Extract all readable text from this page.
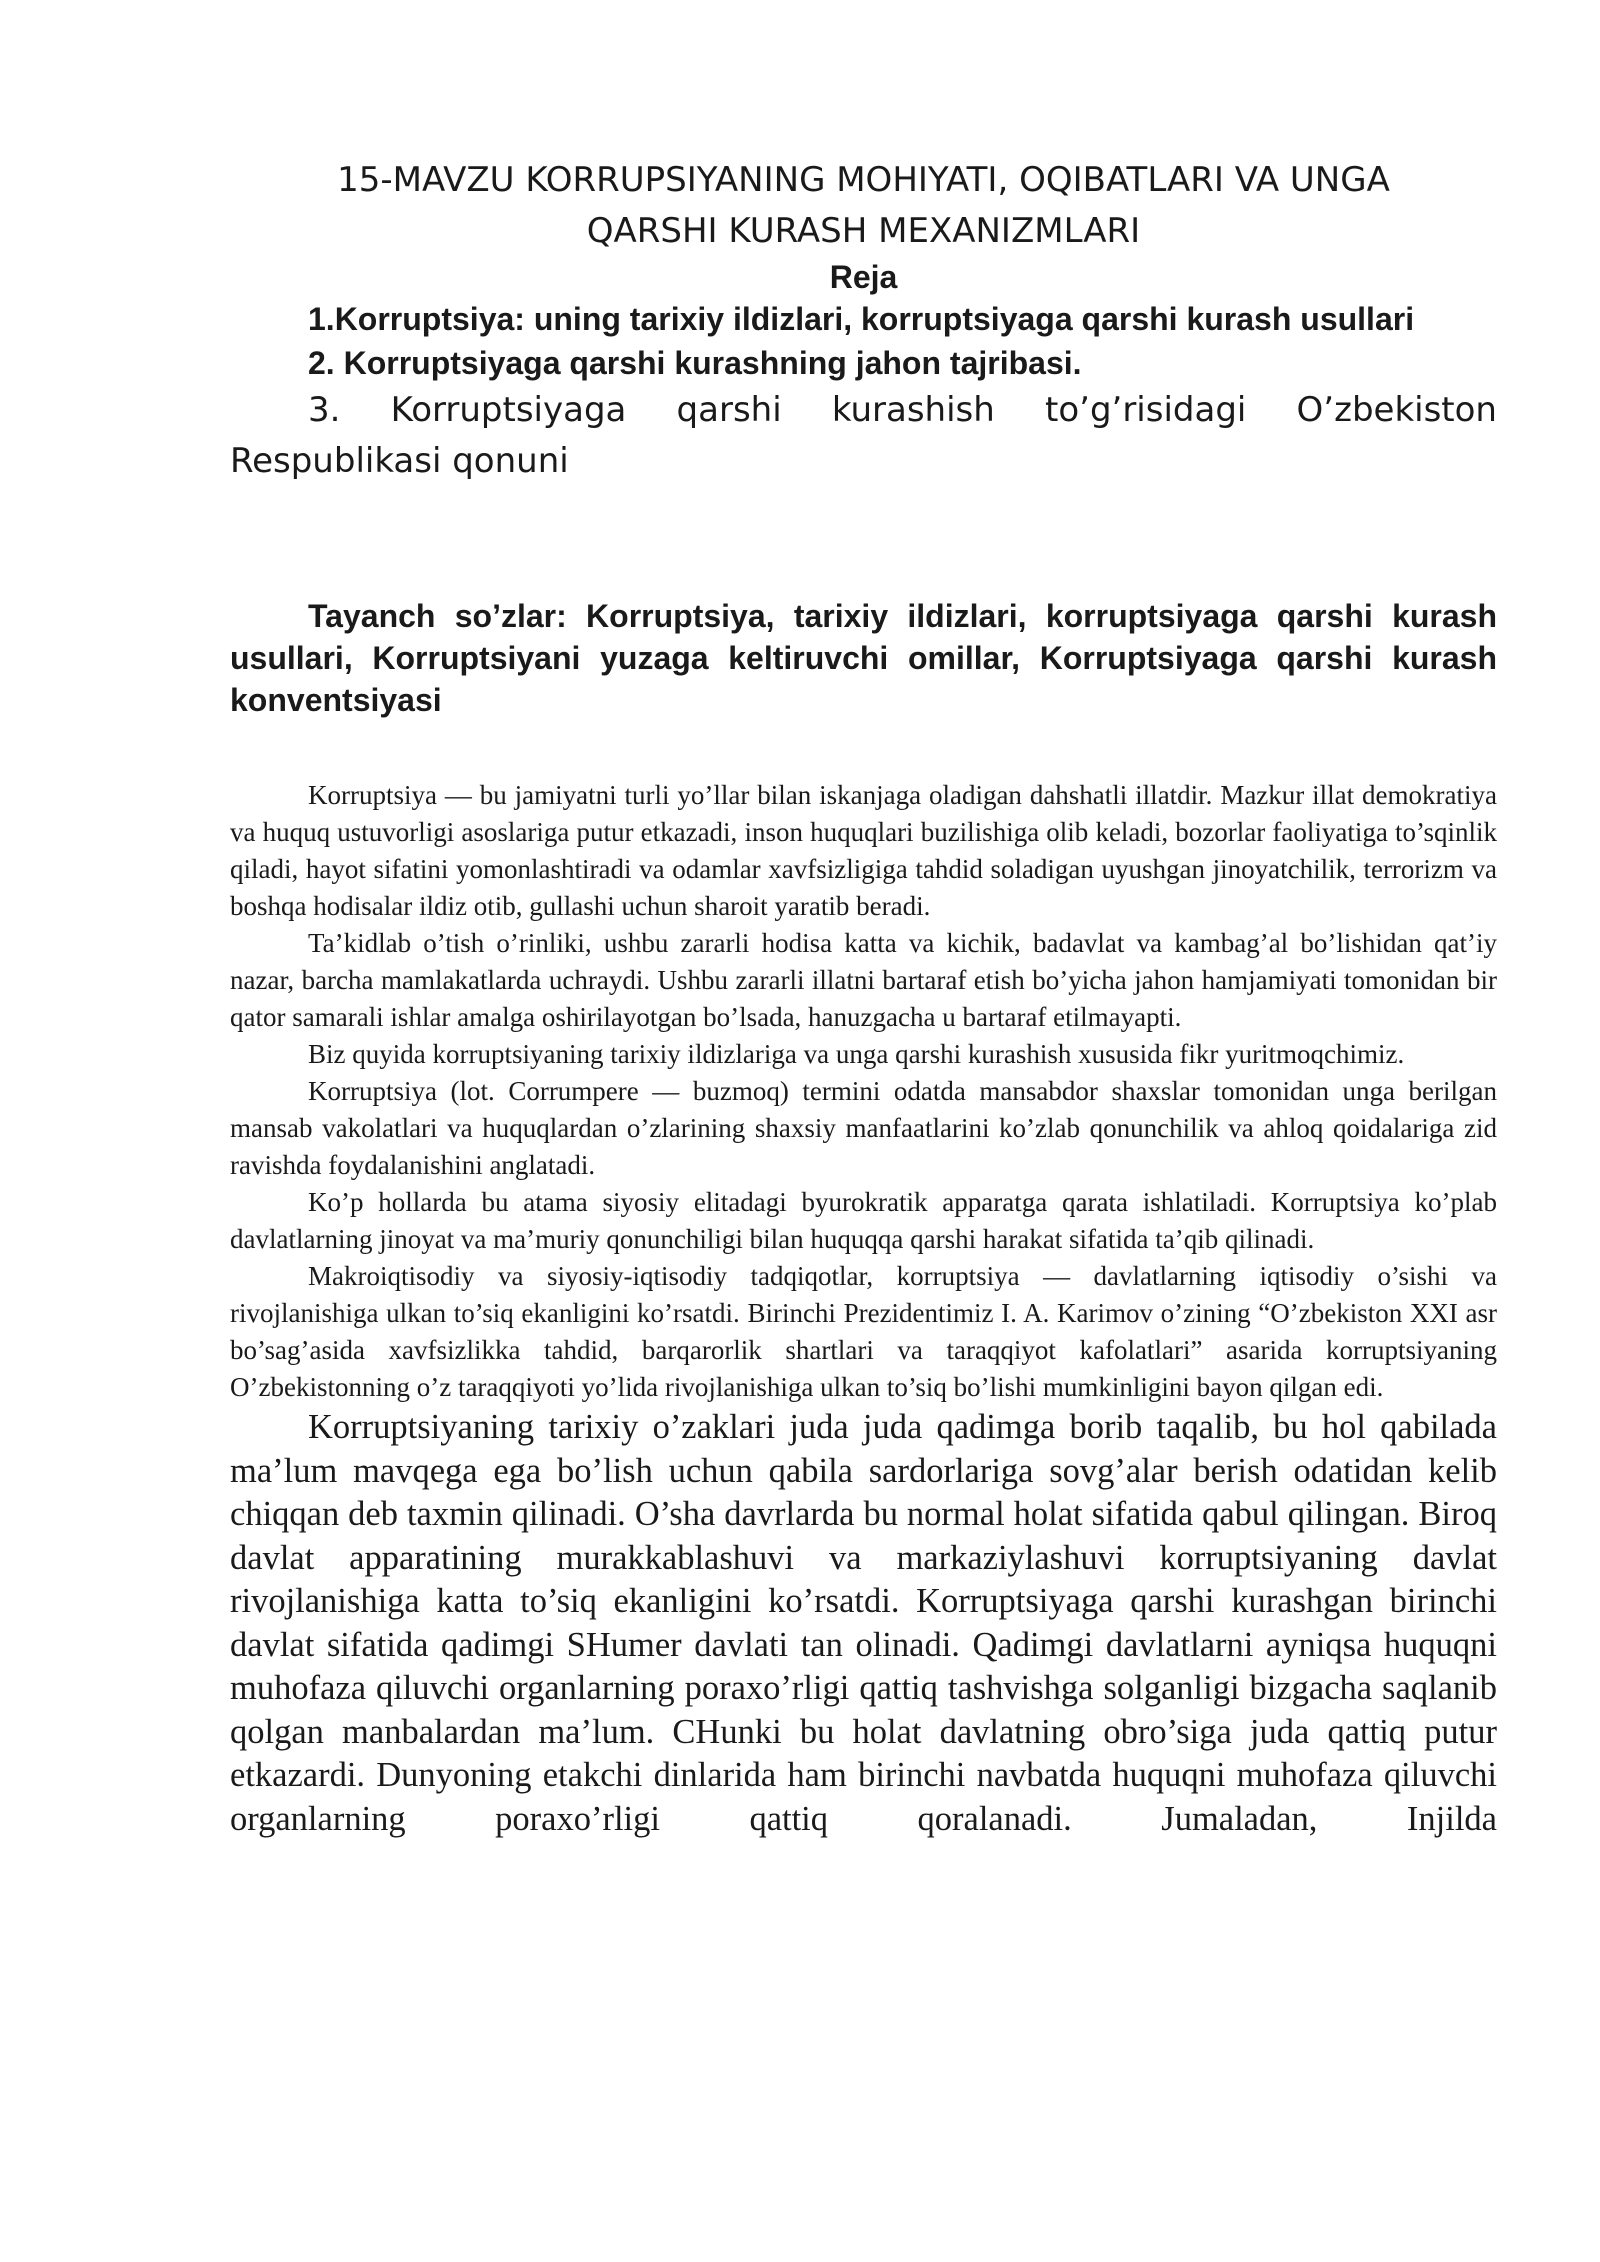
15-MAVZU KORRUPSIYANING MOHIYATI, OQIBATLARI VA UNGA
QARSHI KURASH MEXANIZMLARI

Reja

1.Korruptsiya: uning tarixiy ildizlari, korruptsiyaga qarshi kurash usullari

2. Korruptsiyaga qarshi kurashning jahon tajribasi.

3. Korruptsiyaga qarshi kurashish to’g’risidagi O’zbekiston Respublikasi qonuni

Tayanch so’zlar: Korruptsiya, tarixiy ildizlari, korruptsiyaga qarshi kurash usullari, Korruptsiyani yuzaga keltiruvchi omillar, Korruptsiyaga qarshi kurash konventsiyasi

Korruptsiya — bu jamiyatni turli yo’llar bilan iskanjaga oladigan dahshatli illatdir. Mazkur illat demokratiya va huquq ustuvorligi asoslariga putur etkazadi, inson huquqlari buzilishiga olib keladi, bozorlar faoliyatiga to’sqinlik qiladi, hayot sifatini yomonlashtiradi va odamlar xavfsizligiga tahdid soladigan uyushgan jinoyatchilik, terrorizm va boshqa hodisalar ildiz otib, gullashi uchun sharoit yaratib beradi.

Ta’kidlab o’tish o’rinliki, ushbu zararli hodisa katta va kichik, badavlat va kambag’al bo’lishidan qat’iy nazar, barcha mamlakatlarda uchraydi. Ushbu zararli illatni bartaraf etish bo’yicha jahon hamjamiyati tomonidan bir qator samarali ishlar amalga oshirilayotgan bo’lsada, hanuzgacha u bartaraf etilmayapti.

Biz quyida korruptsiyaning tarixiy ildizlariga va unga qarshi kurashish xususida fikr yuritmoqchimiz.

Korruptsiya (lot. Corrumpere — buzmoq) termini odatda mansabdor shaxslar tomonidan unga berilgan mansab vakolatlari va huquqlardan o’zlarining shaxsiy manfaatlarini ko’zlab qonunchilik va ahloq qoidalariga zid ravishda foydalanishini anglatadi.

Ko’p hollarda bu atama siyosiy elitadagi byurokratik apparatga qarata ishlatiladi. Korruptsiya ko’plab davlatlarning jinoyat va ma’muriy qonunchiligi bilan huquqqa qarshi harakat sifatida ta’qib qilinadi.

Makroiqtisodiy va siyosiy-iqtisodiy tadqiqotlar, korruptsiya — davlatlarning iqtisodiy o’sishi va rivojlanishiga ulkan to’siq ekanligini ko’rsatdi. Birinchi Prezidentimiz I. A. Karimov o’zining “O’zbekiston XXI asr bo’sag’asida xavfsizlikka tahdid, barqarorlik shartlari va taraqqiyot kafolatlari” asarida korruptsiyaning O’zbekistonning o’z taraqqiyoti yo’lida rivojlanishiga ulkan to’siq bo’lishi mumkinligini bayon qilgan edi.

Korruptsiyaning tarixiy o’zaklari juda juda qadimga borib taqalib, bu hol qabilada ma’lum mavqega ega bo’lish uchun qabila sardorlariga sovg’alar berish odatidan kelib chiqqan deb taxmin qilinadi. O’sha davrlarda bu normal holat sifatida qabul qilingan. Biroq davlat apparatining murakkablashuvi va markaziylashuvi korruptsiyaning davlat rivojlanishiga katta to’siq ekanligini ko’rsatdi. Korruptsiyaga qarshi kurashgan birinchi davlat sifatida qadimgi SHumer davlati tan olinadi. Qadimgi davlatlarni ayniqsa huquqni muhofaza qiluvchi organlarning poraxo’rligi qattiq tashvishga solganligi bizgacha saqlanib qolgan manbalardan ma’lum. CHunki bu holat davlatning obro’siga juda qattiq putur etkazardi. Dunyoning etakchi dinlarida ham birinchi navbatda huquqni muhofaza qiluvchi organlarning poraxo’rligi qattiq qoralanadi. Jumaladan, Injilda
